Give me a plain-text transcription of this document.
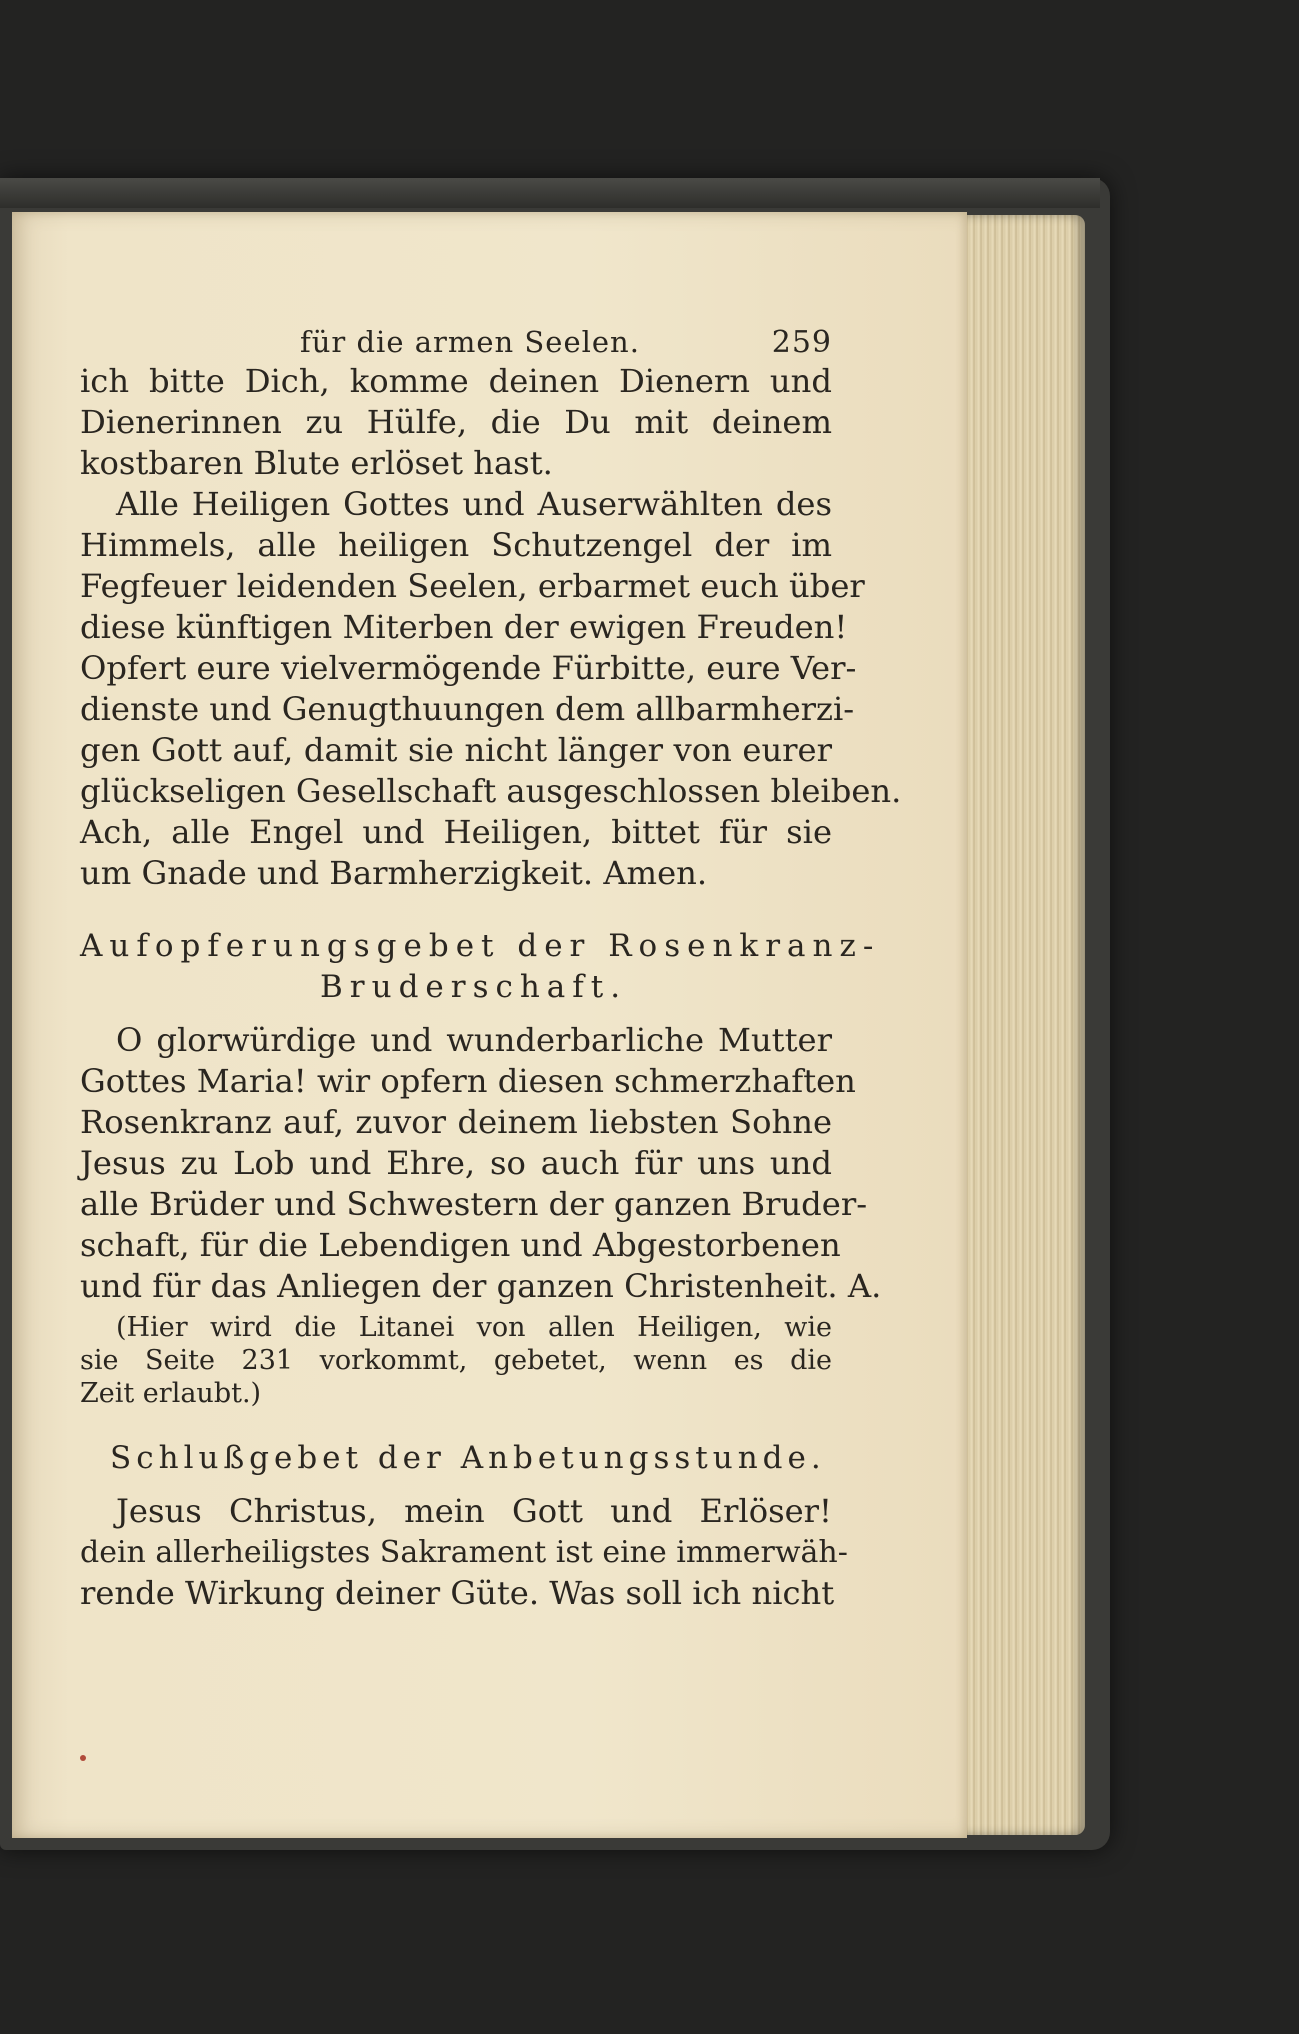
für die armen Seelen.	259

ich bitte Dich, komme deinen Dienern und
Dienerinnen zu Hülfe, die Du mit deinem
kostbaren Blute erlöset hast.

Alle Heiligen Gottes und Auserwählten des
Himmels, alle heiligen Schutzengel der im
Fegfeuer leidenden Seelen, erbarmet euch über
diese künftigen Miterben der ewigen Freuden!
Opfert eure vielvermögende Fürbitte, eure Ver-
dienste und Genugthuungen dem allbarmherzi-
gen Gott auf, damit sie nicht länger von eurer
glückseligen Gesellschaft ausgeschlossen bleiben.
Ach, alle Engel und Heiligen, bittet für sie
um Gnade und Barmherzigkeit. Amen.

Aufopferungsgebet der Rosenkranz-
Bruderschaft.

O glorwürdige und wunderbarliche Mutter
Gottes Maria! wir opfern diesen schmerzhaften
Rosenkranz auf, zuvor deinem liebsten Sohne
Jesus zu Lob und Ehre, so auch für uns und
alle Brüder und Schwestern der ganzen Bruder-
schaft, für die Lebendigen und Abgestorbenen
und für das Anliegen der ganzen Christenheit. A.

(Hier wird die Litanei von allen Heiligen, wie
sie Seite 231 vorkommt, gebetet, wenn es die
Zeit erlaubt.)

Schlußgebet der Anbetungsstunde.

Jesus Christus, mein Gott und Erlöser!
dein allerheiligstes Sakrament ist eine immerwäh-
rende Wirkung deiner Güte. Was soll ich nicht
